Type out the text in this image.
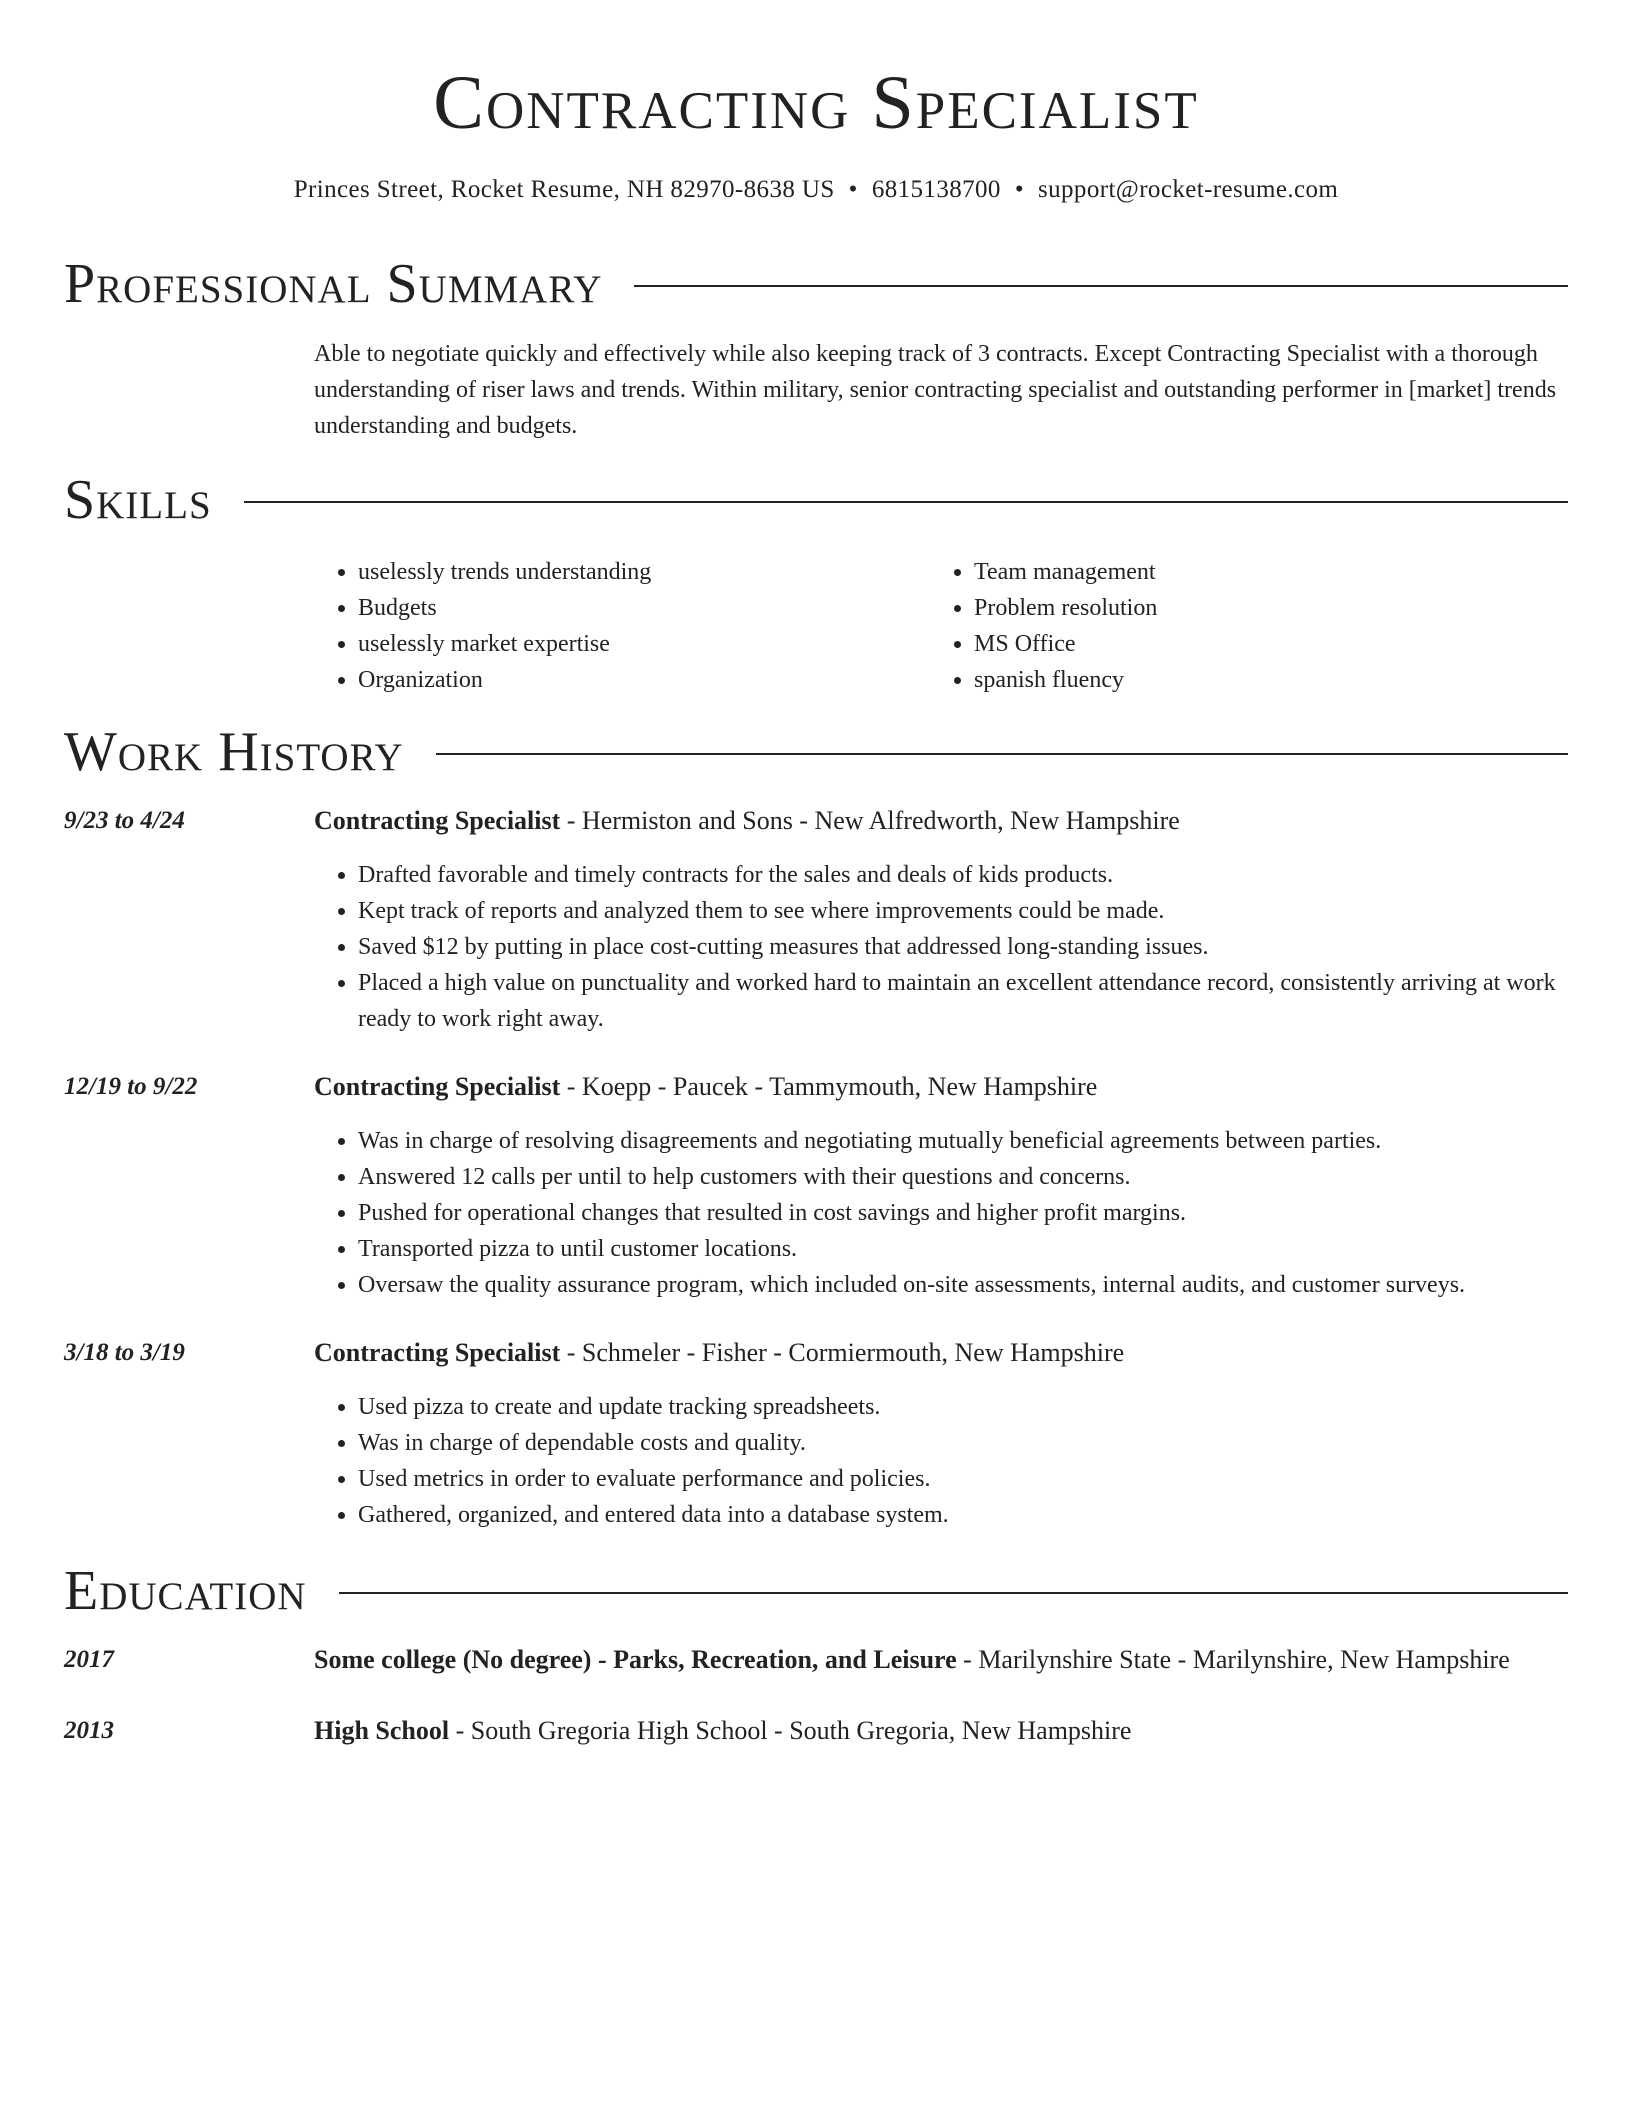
Contracting Specialist
Princes Street, Rocket Resume, NH 82970-8638 US • 6815138700 • support@rocket-resume.com
Professional Summary

Able to negotiate quickly and effectively while also keeping track of 3 contracts. Except Contracting Specialist with a thorough understanding of riser laws and trends. Within military, senior contracting specialist and outstanding performer in [market] trends understanding and budgets.

Skills
• uselessly trends understanding
• Budgets
• uselessly market expertise
• Organization
• Team management
• Problem resolution
• MS Office
• spanish fluency
Work History
9/23 to 4/24	Contracting Specialist - Hermiston and Sons - New Alfredworth, New Hampshire
• Drafted favorable and timely contracts for the sales and deals of kids products.
• Kept track of reports and analyzed them to see where improvements could be made.
• Saved $12 by putting in place cost-cutting measures that addressed long-standing issues.
• Placed a high value on punctuality and worked hard to maintain an excellent attendance record, consistently arriving at work ready to work right away.
12/19 to 9/22	Contracting Specialist - Koepp - Paucek - Tammymouth, New Hampshire
• Was in charge of resolving disagreements and negotiating mutually beneficial agreements between parties.
• Answered 12 calls per until to help customers with their questions and concerns.
• Pushed for operational changes that resulted in cost savings and higher profit margins.
• Transported pizza to until customer locations.
• Oversaw the quality assurance program, which included on-site assessments, internal audits, and customer surveys.
3/18 to 3/19	Contracting Specialist - Schmeler - Fisher - Cormiermouth, New Hampshire
• Used pizza to create and update tracking spreadsheets.
• Was in charge of dependable costs and quality.
• Used metrics in order to evaluate performance and policies.
• Gathered, organized, and entered data into a database system.
Education
2017	Some college (No degree) - Parks, Recreation, and Leisure - Marilynshire State - Marilynshire, New Hampshire
2013	High School - South Gregoria High School - South Gregoria, New Hampshire
